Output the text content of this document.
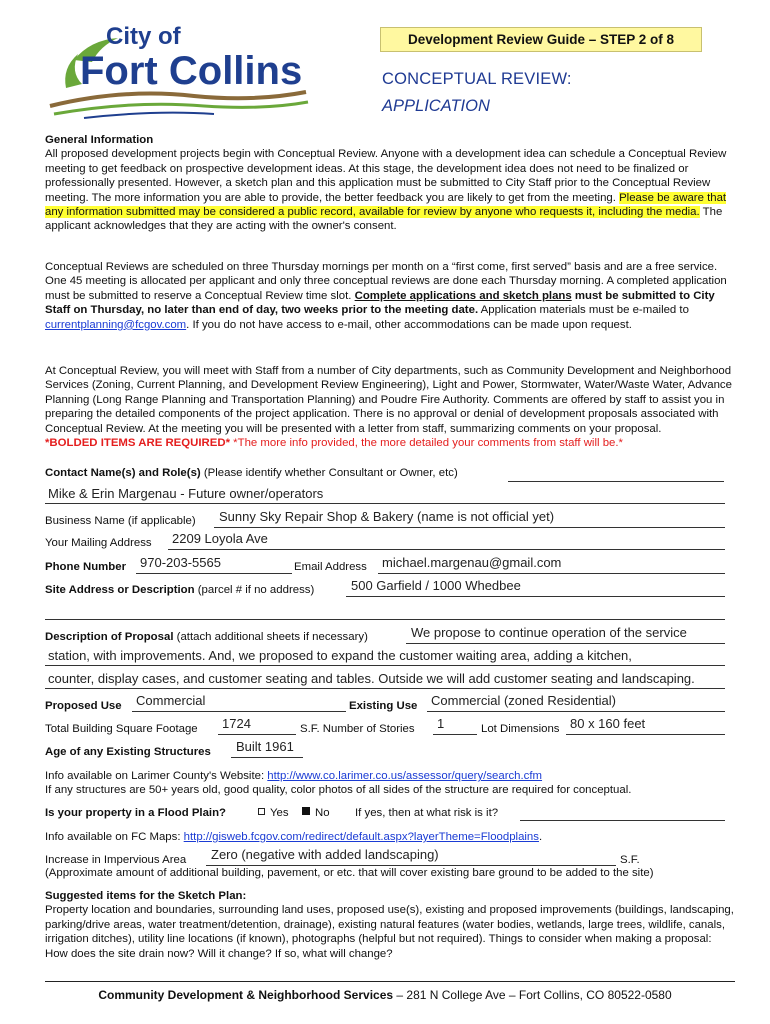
City of
Fort Collins
Development Review Guide – STEP 2 of 8
CONCEPTUAL REVIEW:
APPLICATION
General Information
All proposed development projects begin with Conceptual Review. Anyone with a development idea can schedule a Conceptual Review meeting to get feedback on prospective development ideas. At this stage, the development idea does not need to be finalized or professionally presented. However, a sketch plan and this application must be submitted to City Staff prior to the Conceptual Review meeting. The more information you are able to provide, the better feedback you are likely to get from the meeting. Please be aware that any information submitted may be considered a public record, available for review by anyone who requests it, including the media. The applicant acknowledges that they are acting with the owner's consent.
Conceptual Reviews are scheduled on three Thursday mornings per month on a “first come, first served” basis and are a free service. One 45 meeting is allocated per applicant and only three conceptual reviews are done each Thursday morning. A completed application must be submitted to reserve a Conceptual Review time slot. Complete applications and sketch plans must be submitted to City Staff on Thursday, no later than end of day, two weeks prior to the meeting date. Application materials must be e-mailed to currentplanning@fcgov.com. If you do not have access to e-mail, other accommodations can be made upon request.
At Conceptual Review, you will meet with Staff from a number of City departments, such as Community Development and Neighborhood Services (Zoning, Current Planning, and Development Review Engineering), Light and Power, Stormwater, Water/Waste Water, Advance Planning (Long Range Planning and Transportation Planning) and Poudre Fire Authority. Comments are offered by staff to assist you in preparing the detailed components of the project application. There is no approval or denial of development proposals associated with Conceptual Review. At the meeting you will be presented with a letter from staff, summarizing comments on your proposal.
*BOLDED ITEMS ARE REQUIRED* *The more info provided, the more detailed your comments from staff will be.*
Contact Name(s) and Role(s) (Please identify whether Consultant or Owner, etc)
Mike & Erin Margenau - Future owner/operators
Business Name (if applicable) Sunny Sky Repair Shop & Bakery (name is not official yet)
Your Mailing Address 2209 Loyola Ave
Phone Number 970-203-5565	Email Address michael.margenau@gmail.com
Site Address or Description (parcel # if no address)	500 Garfield / 1000 Whedbee
Description of Proposal (attach additional sheets if necessary)	We propose to continue operation of the service
station, with improvements. And, we proposed to expand the customer waiting area, adding a kitchen,
counter, display cases, and customer seating and tables. Outside we will add customer seating and landscaping.
Proposed Use Commercial	Existing Use Commercial (zoned Residential)
Total Building Square Footage 1724	S.F. Number of Stories 1	Lot Dimensions 80 x 160 feet
Age of any Existing Structures Built 1961
Info available on Larimer County's Website: http://www.co.larimer.co.us/assessor/query/search.cfm
If any structures are 50+ years old, good quality, color photos of all sides of the structure are required for conceptual.
Is your property in a Flood Plain?	Yes	No If yes, then at what risk is it?
Info available on FC Maps: http://gisweb.fcgov.com/redirect/default.aspx?layerTheme=Floodplains.
Increase in Impervious Area Zero (negative with added landscaping)	S.F.
(Approximate amount of additional building, pavement, or etc. that will cover existing bare ground to be added to the site)
Suggested items for the Sketch Plan:
Property location and boundaries, surrounding land uses, proposed use(s), existing and proposed improvements (buildings, landscaping, parking/drive areas, water treatment/detention, drainage), existing natural features (water bodies, wetlands, large trees, wildlife, canals, irrigation ditches), utility line locations (if known), photographs (helpful but not required). Things to consider when making a proposal: How does the site drain now? Will it change? If so, what will change?
Community Development & Neighborhood Services – 281 N College Ave – Fort Collins, CO 80522-0580
